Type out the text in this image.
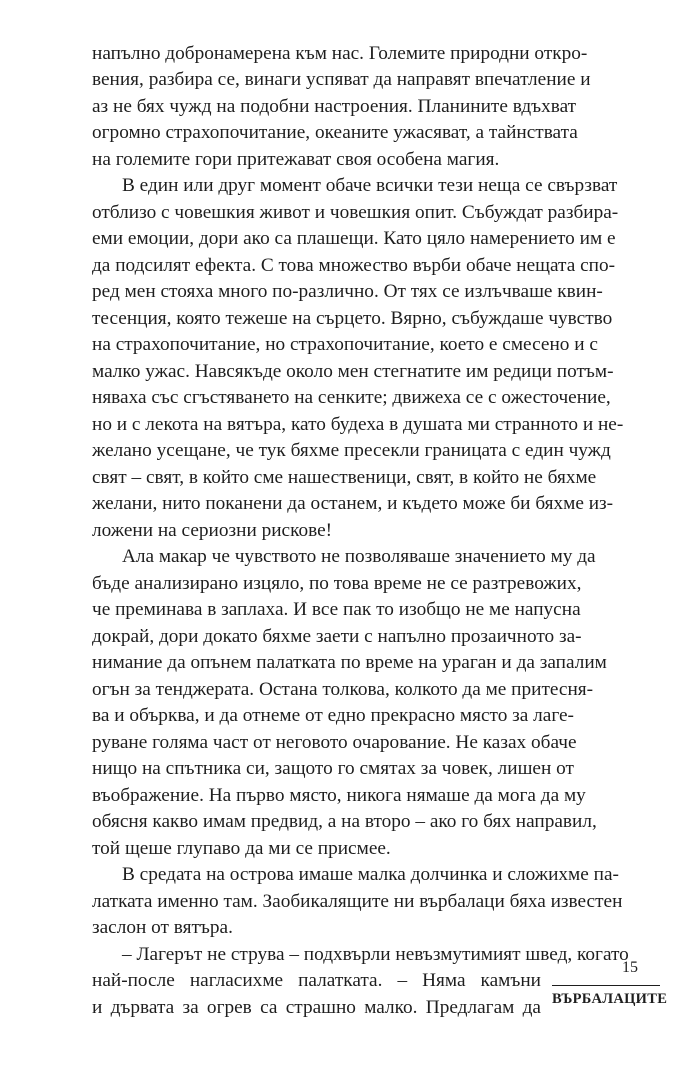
напълно добронамерена към нас. Големите природни откро-
вения, разбира се, винаги успяват да направят впечатление и
аз не бях чужд на подобни настроения. Планините вдъхват
огромно страхопочитание, океаните ужасяват, а тайнствата
на големите гори притежават своя особена магия.
В един или друг момент обаче всички тези неща се свързват
отблизо с човешкия живот и човешкия опит. Събуждат разбира-
еми емоции, дори ако са плашещи. Като цяло намерението им е
да подсилят ефекта. С това множество върби обаче нещата спо-
ред мен стояха много по-различно. От тях се излъчваше квин-
тесенция, която тежеше на сърцето. Вярно, събуждаше чувство
на страхопочитание, но страхопочитание, което е смесено и с
малко ужас. Навсякъде около мен стегнатите им редици потъм-
няваха със сгъстяването на сенките; движеха се с ожесточение,
но и с лекота на вятъра, като будеха в душата ми странното и не-
желано усещане, че тук бяхме пресекли границата с един чужд
свят – свят, в който сме нашественици, свят, в който не бяхме
желани, нито поканени да останем, и където може би бяхме из-
ложени на сериозни рискове!
Ала макар че чувството не позволяваше значението му да
бъде анализирано изцяло, по това време не се разтревожих,
че преминава в заплаха. И все пак то изобщо не ме напусна
докрай, дори докато бяхме заети с напълно прозаичното за-
нимание да опънем палатката по време на ураган и да запалим
огън за тенджерата. Остана толкова, колкото да ме притесня-
ва и обърква, и да отнеме от едно прекрасно място за лаге-
руване голяма част от неговото очарование. Не казах обаче
нищо на спътника си, защото го смятах за човек, лишен от
въображение. На първо място, никога нямаше да мога да му
обясня какво имам предвид, а на второ – ако го бях направил,
той щеше глупаво да ми се присмее.
В средата на острова имаше малка долчинка и сложихме па-
латката именно там. Заобикалящите ни върбалаци бяха известен
заслон от вятъра.
– Лагерът не струва – подхвърли невъзмутимият швед, когато
най-после нагласихме палатката. – Няма камъни
и дървата за огрев са страшно малко. Предлагам да
15
ВЪРБАЛАЦИТЕ
